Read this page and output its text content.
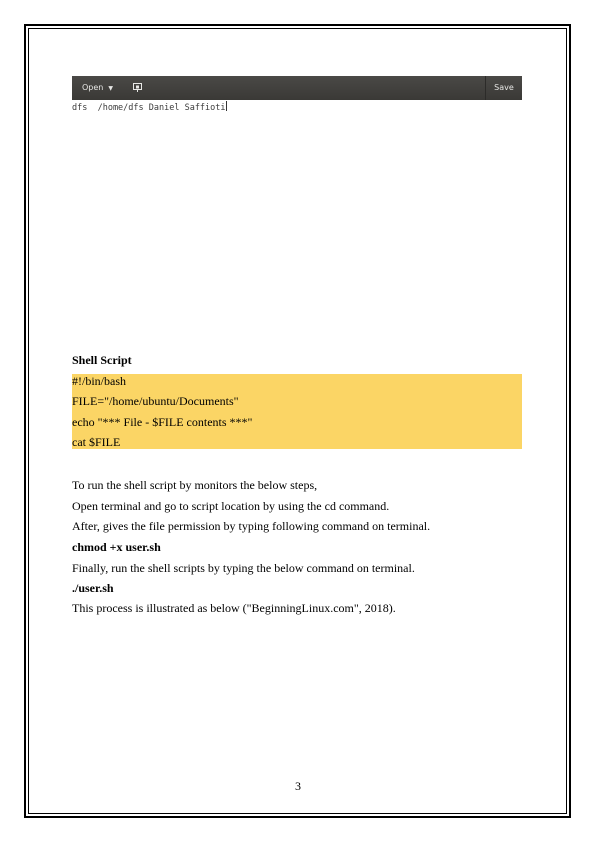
Open ▼	Save
dfs  /home/dfs Daniel Saffioti
Shell Script
#!/bin/bash
FILE="/home/ubuntu/Documents"
echo "*** File - $FILE contents ***"
cat $FILE
To run the shell script by monitors the below steps,
Open terminal and go to script location by using the cd command.
After, gives the file permission by typing following command on terminal.
chmod +x user.sh
Finally, run the shell scripts by typing the below command on terminal.
./user.sh
This process is illustrated as below ("BeginningLinux.com", 2018).
3
